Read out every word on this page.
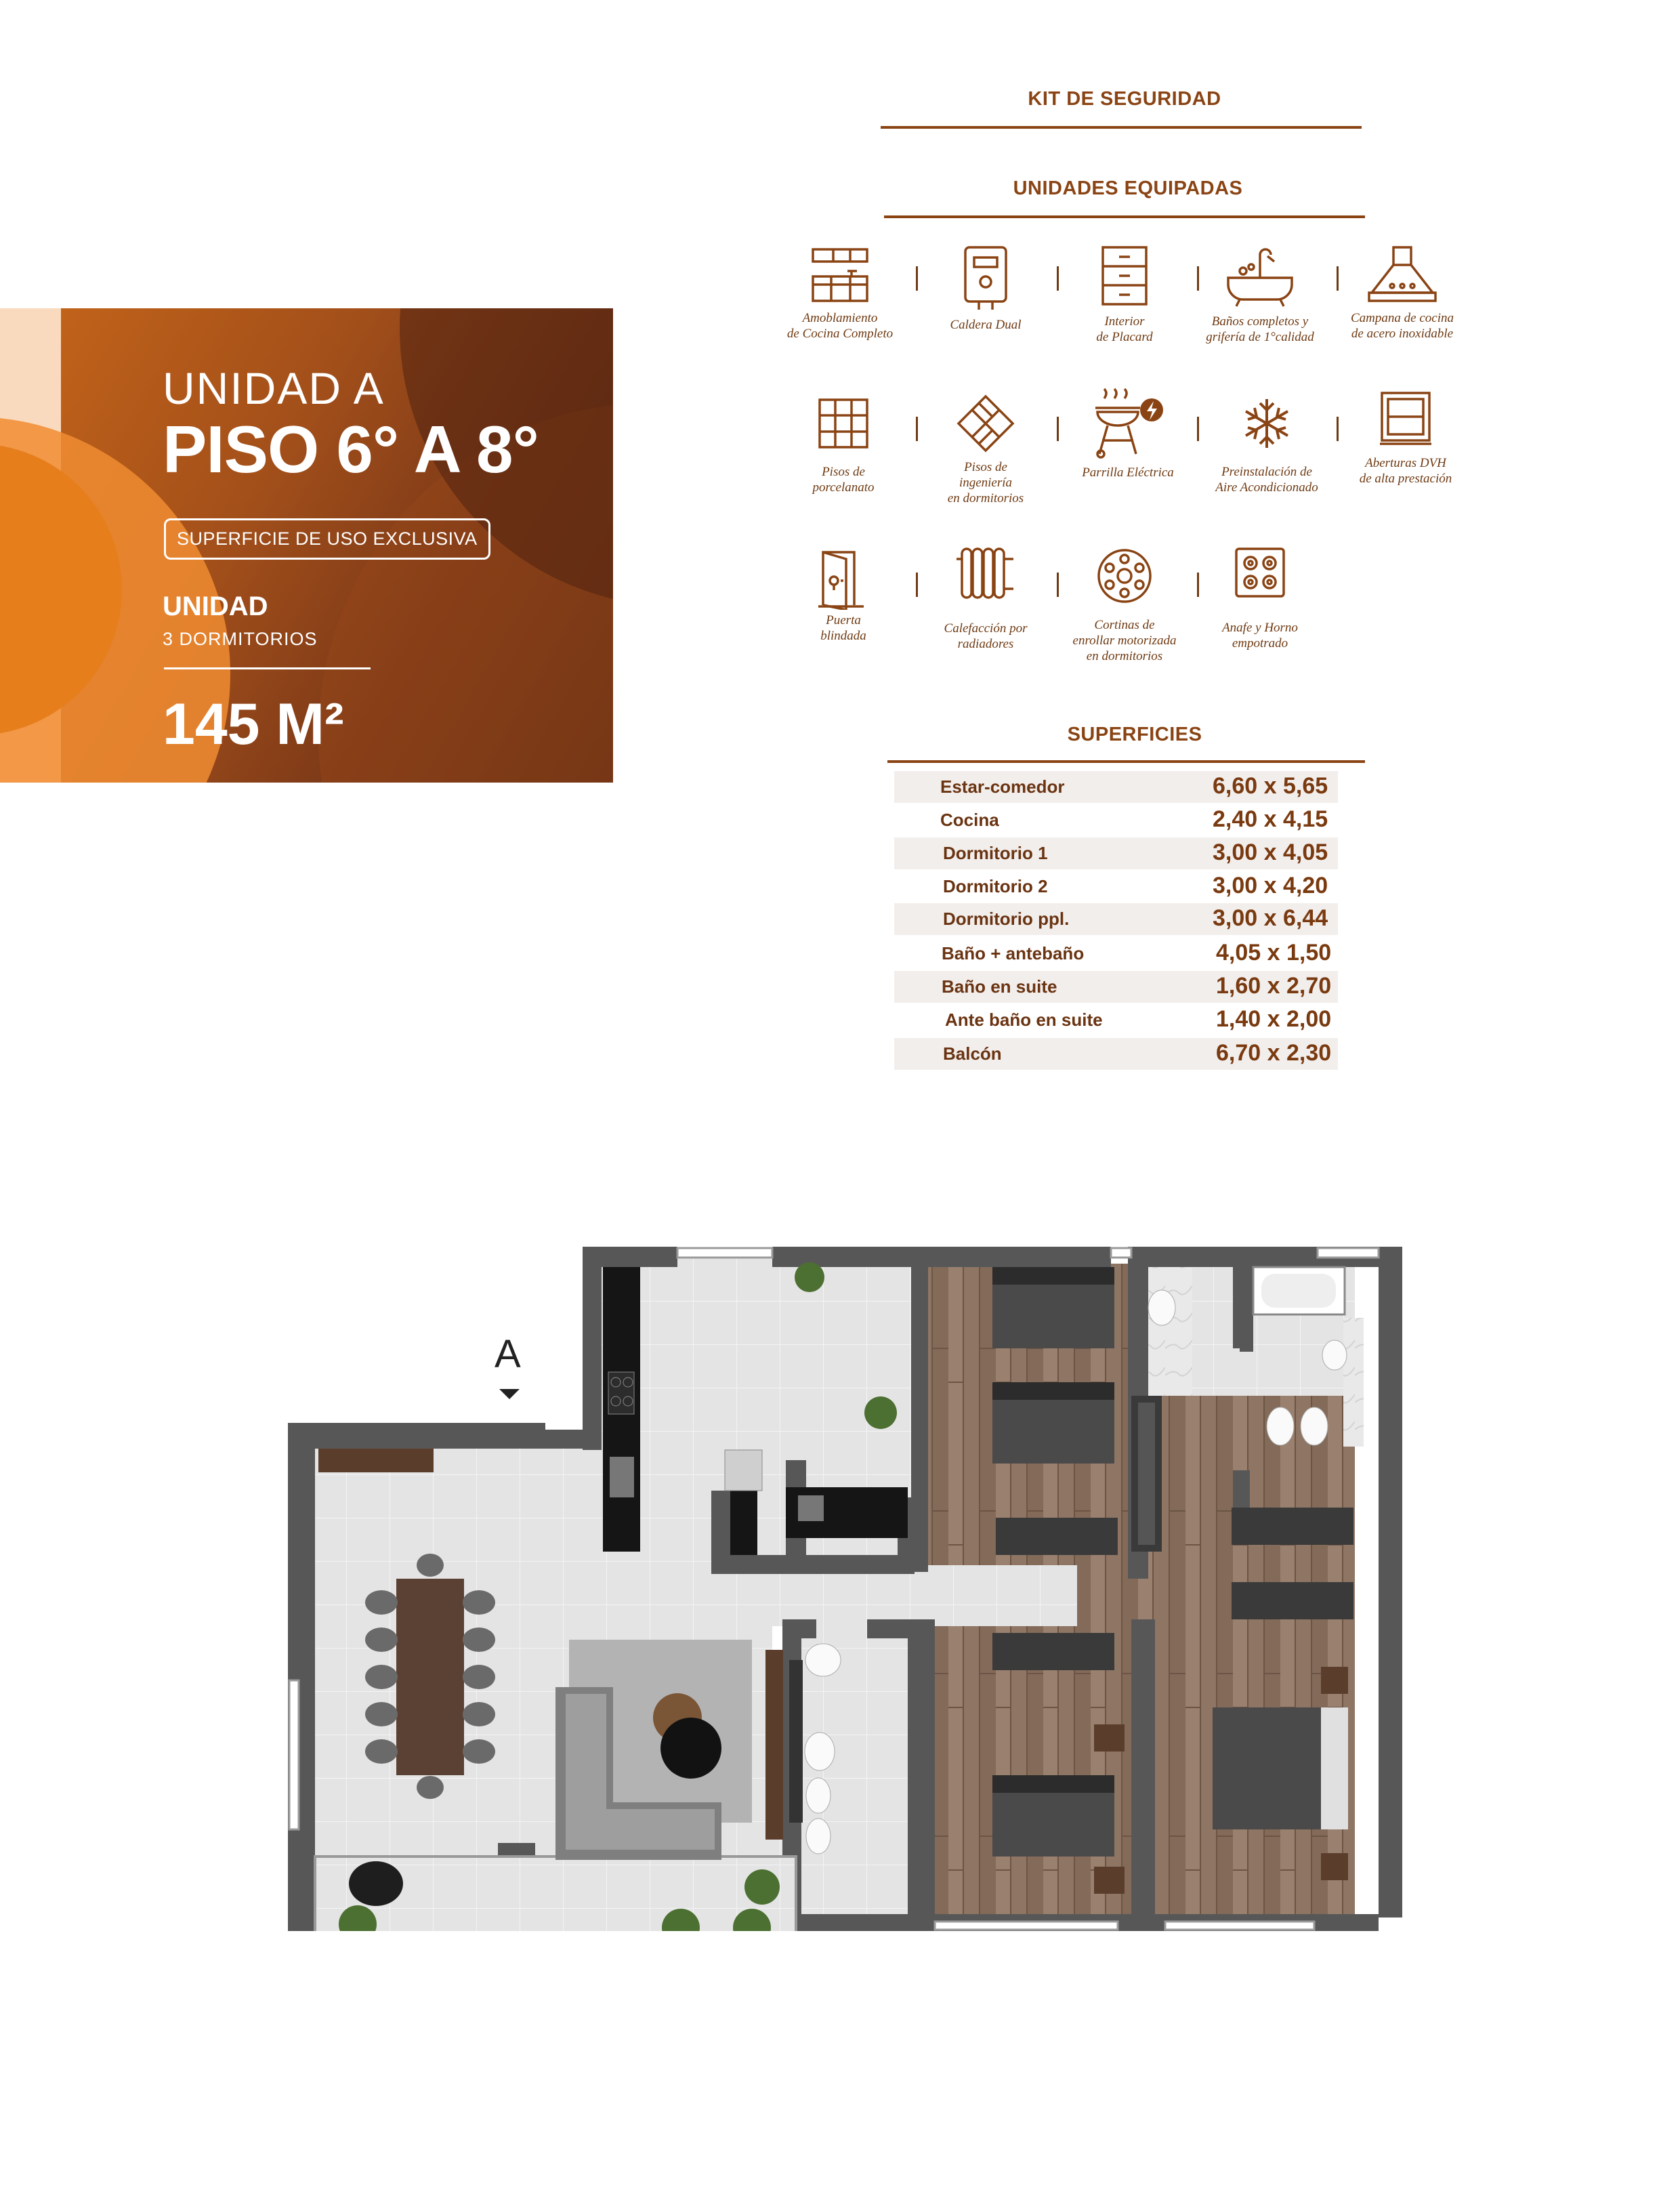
UNIDAD A
PISO 6° A 8°
SUPERFICIE DE USO EXCLUSIVA
UNIDAD
3 DORMITORIOS
145 M²
KIT DE SEGURIDAD
UNIDADES EQUIPADAS
Amoblamiento
de Cocina Completo
Caldera Dual	Interior
de Placard
Baños completos y
grifería de 1°calidad
Campana de cocina
de acero inoxidable
Pisos de
porcelanato
Pisos de
ingeniería
en dormitorios
Parrilla Eléctrica	Preinstalación de
Aire Acondicionado
Aberturas DVH
de alta prestación
Puerta
blindada
Calefacción por
radiadores
Cortinas de
enrollar motorizada
en dormitorios
Anafe y Horno
empotrado
SUPERFICIES
Estar-comedor	6,60 x 5,65
Cocina	2,40 x 4,15
Dormitorio 1	3,00 x 4,05
Dormitorio 2	3,00 x 4,20
Dormitorio ppl.	3,00 x 6,44
Baño + antebaño	4,05 x 1,50
Baño en suite	1,60 x 2,70
Ante baño en suite	1,40 x 2,00
Balcón	6,70 x 2,30
A
